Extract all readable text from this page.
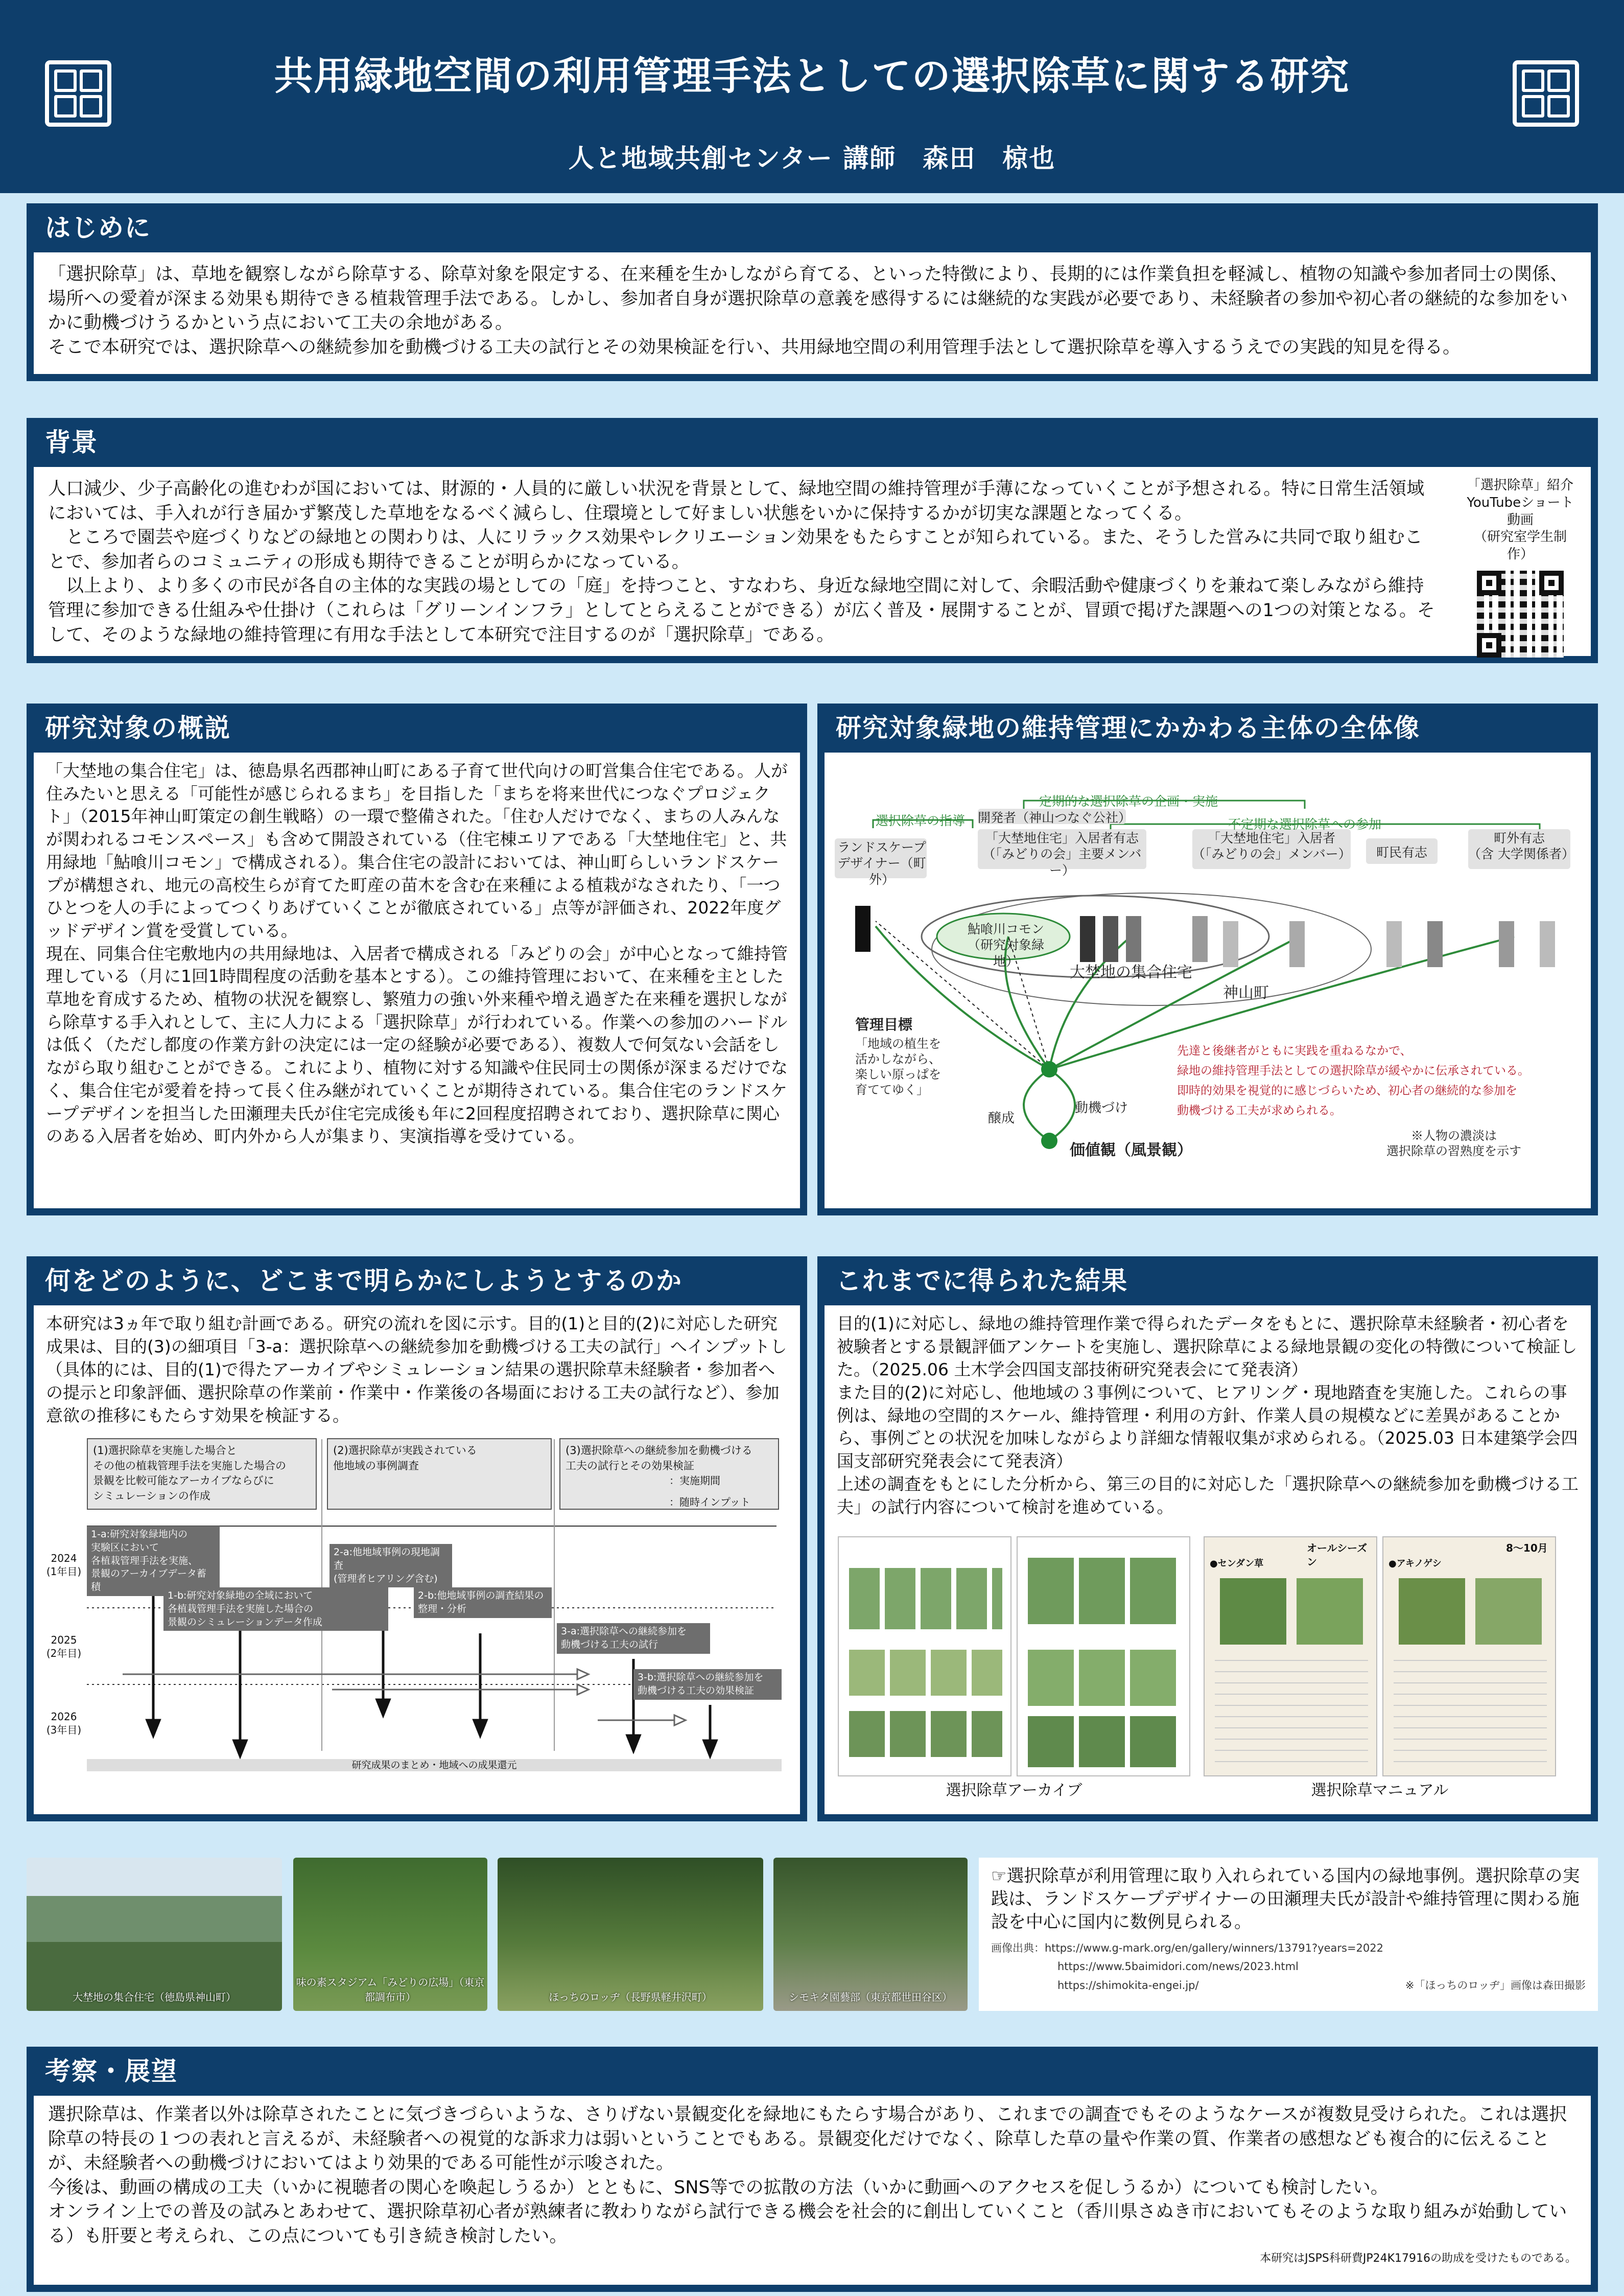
共用緑地空間の利用管理手法としての選択除草に関する研究
人と地域共創センター 講師　森田　椋也
はじめに

「選択除草」は、草地を観察しながら除草する、除草対象を限定する、在来種を生かしながら育てる、といった特徴により、長期的には作業負担を軽減し、植物の知識や参加者同士の関係、場所への愛着が深まる効果も期待できる植栽管理手法である。しかし、参加者自身が選択除草の意義を感得するには継続的な実践が必要であり、未経験者の参加や初心者の継続的な参加をいかに動機づけうるかという点において工夫の余地がある。

そこで本研究では、選択除草への継続参加を動機づける工夫の試行とその効果検証を行い、共用緑地空間の利用管理手法として選択除草を導入するうえでの実践的知見を得る。

背景

人口減少、少子高齢化の進むわが国においては、財源的・人員的に厳しい状況を背景として、緑地空間の維持管理が手薄になっていくことが予想される。特に日常生活領域においては、手入れが行き届かず繁茂した草地をなるべく減らし、住環境として好ましい状態をいかに保持するかが切実な課題となってくる。

ところで園芸や庭づくりなどの緑地との関わりは、人にリラックス効果やレクリエーション効果をもたらすことが知られている。また、そうした営みに共同で取り組むことで、参加者らのコミュニティの形成も期待できることが明らかになっている。

以上より、より多くの市民が各自の主体的な実践の場としての「庭」を持つこと、すなわち、身近な緑地空間に対して、余暇活動や健康づくりを兼ねて楽しみながら維持管理に参加できる仕組みや仕掛け（これらは「グリーンインフラ」としてとらえることができる）が広く普及・展開することが、冒頭で掲げた課題への1つの対策となる。そして、そのような緑地の維持管理に有用な手法として本研究で注目するのが「選択除草」である。

「選択除草」紹介
YouTubeショート動画
（研究室学生制作）
研究対象の概説

「大埜地の集合住宅」は、徳島県名西郡神山町にある子育て世代向けの町営集合住宅である。人が住みたいと思える「可能性が感じられるまち」を目指した「まちを将来世代につなぐプロジェクト」（2015年神山町策定の創生戦略）の一環で整備された。「住む人だけでなく、まちの人みんなが関われるコモンスペース」も含めて開設されている（住宅棟エリアである「大埜地住宅」と、共用緑地「鮎喰川コモン」で構成される）。集合住宅の設計においては、神山町らしいランドスケープが構想され、地元の高校生らが育てた町産の苗木を含む在来種による植栽がなされたり、「一つひとつを人の手によってつくりあげていくことが徹底されている」点等が評価され、2022年度グッドデザイン賞を受賞している。

現在、同集合住宅敷地内の共用緑地は、入居者で構成される「みどりの会」が中心となって維持管理している（月に1回1時間程度の活動を基本とする）。この維持管理において、在来種を主とした草地を育成するため、植物の状況を観察し、繁殖力の強い外来種や増え過ぎた在来種を選択しながら除草する手入れとして、主に人力による「選択除草」が行われている。作業への参加のハードルは低く（ただし都度の作業方針の決定には一定の経験が必要である）、複数人で何気ない会話をしながら取り組むことができる。これにより、植物に対する知識や住民同士の関係が深まるだけでなく、集合住宅が愛着を持って長く住み継がれていくことが期待されている。集合住宅のランドスケープデザインを担当した田瀬理夫氏が住宅完成後も年に2回程度招聘されており、選択除草に関心のある入居者を始め、町内外から人が集まり、実演指導を受けている。

研究対象緑地の維持管理にかかわる主体の全体像
選択除草の指導
定期的な選択除草の企画・実施
不定期な選択除草への参加
ランドスケープ
デザイナー（町外）
開発者（神山つなぐ公社）
「大埜地住宅」入居者有志
（「みどりの会」主要メンバー）
「大埜地住宅」入居者
（「みどりの会」メンバー）	町民有志
町外有志
（含 大学関係者）
鮎喰川コモン
（研究対象緑地）
大埜地の集合住宅
神山町
管理目標
「地域の植生を
活かしながら、
楽しい原っぱを
育ててゆく」
醸成
動機づけ
価値観（風景観）
先達と後継者がともに実践を重ねるなかで、
緑地の維持管理手法としての選択除草が緩やかに伝承されている。
即時的効果を視覚的に感じづらいため、初心者の継続的な参加を
動機づける工夫が求められる。
※人物の濃淡は
選択除草の習熟度を示す
何をどのように、どこまで明らかにしようとするのか

本研究は3ヵ年で取り組む計画である。研究の流れを図に示す。目的(1)と目的(2)に対応した研究成果は、目的(3)の細項目「3-a：選択除草への継続参加を動機づける工夫の試行」へインプットし（具体的には、目的(1)で得たアーカイブやシミュレーション結果の選択除草未経験者・参加者への提示と印象評価、選択除草の作業前・作業中・作業後の各場面における工夫の試行など）、参加意欲の推移にもたらす効果を検証する。

(1)選択除草を実施した場合と
その他の植栽管理手法を実施した場合の
景観を比較可能なアーカイブならびに
シミュレーションの作成
(2)選択除草が実践されている
他地域の事例調査
(3)選択除草への継続参加を動機づける
工夫の試行とその効果検証
：実施期間
：随時インプット
2024
(1年目)
2025
(2年目)
2026
(3年目)
1-a:研究対象緑地内の
実験区において
各植栽管理手法を実施、
景観のアーカイブデータ蓄積
1-b:研究対象緑地の全域において
各植栽管理手法を実施した場合の
景観のシミュレーションデータ作成
2-a:他地域事例の現地調査
(管理者ヒアリング含む)
2-b:他地域事例の調査結果の
整理・分析
3-a:選択除草への継続参加を
動機づける工夫の試行
3-b:選択除草への継続参加を
動機づける工夫の効果検証
研究成果のまとめ・地域への成果還元
これまでに得られた結果

目的(1)に対応し、緑地の維持管理作業で得られたデータをもとに、選択除草未経験者・初心者を被験者とする景観評価アンケートを実施し、選択除草による緑地景観の変化の特徴について検証した。（2025.06 土木学会四国支部技術研究発表会にて発表済）

また目的(2)に対応し、他地域の３事例について、ヒアリング・現地踏査を実施した。これらの事例は、緑地の空間的スケール、維持管理・利用の方針、作業人員の規模などに差異があることから、事例ごとの状況を加味しながらより詳細な情報収集が求められる。（2025.03 日本建築学会四国支部研究発表会にて発表済）

上述の調査をもとにした分析から、第三の目的に対応した「選択除草への継続参加を動機づける工夫」の試行内容について検討を進めている。

選択除草アーカイブ
オールシーズン
●センダン草
8～10月
●アキノゲシ
選択除草マニュアル
大埜地の集合住宅（徳島県神山町）
味の素スタジアム「みどりの広場」（東京都調布市）	ほっちのロッヂ（長野県軽井沢町）	シモキタ園藝部（東京都世田谷区）

☞選択除草が利用管理に取り入れられている国内の緑地事例。選択除草の実践は、ランドスケープデザイナーの田瀬理夫氏が設計や維持管理に関わる施設を中心に国内に数例見られる。

画像出典：https://www.g-mark.org/en/gallery/winners/13791?years=2022
https://www.5baimidori.com/news/2023.html
https://shimokita-engei.jp/	※「ほっちのロッヂ」画像は森田撮影
考察・展望

選択除草は、作業者以外は除草されたことに気づきづらいような、さりげない景観変化を緑地にもたらす場合があり、これまでの調査でもそのようなケースが複数見受けられた。これは選択除草の特長の１つの表れと言えるが、未経験者への視覚的な訴求力は弱いということでもある。景観変化だけでなく、除草した草の量や作業の質、作業者の感想なども複合的に伝えることが、未経験者への動機づけにおいてはより効果的である可能性が示唆された。

今後は、動画の構成の工夫（いかに視聴者の関心を喚起しうるか）とともに、SNS等での拡散の方法（いかに動画へのアクセスを促しうるか）についても検討したい。

オンライン上での普及の試みとあわせて、選択除草初心者が熟練者に教わりながら試行できる機会を社会的に創出していくこと（香川県さぬき市においてもそのような取り組みが始動している）も肝要と考えられ、この点についても引き続き検討したい。

本研究はJSPS科研費JP24K17916の助成を受けたものである。
